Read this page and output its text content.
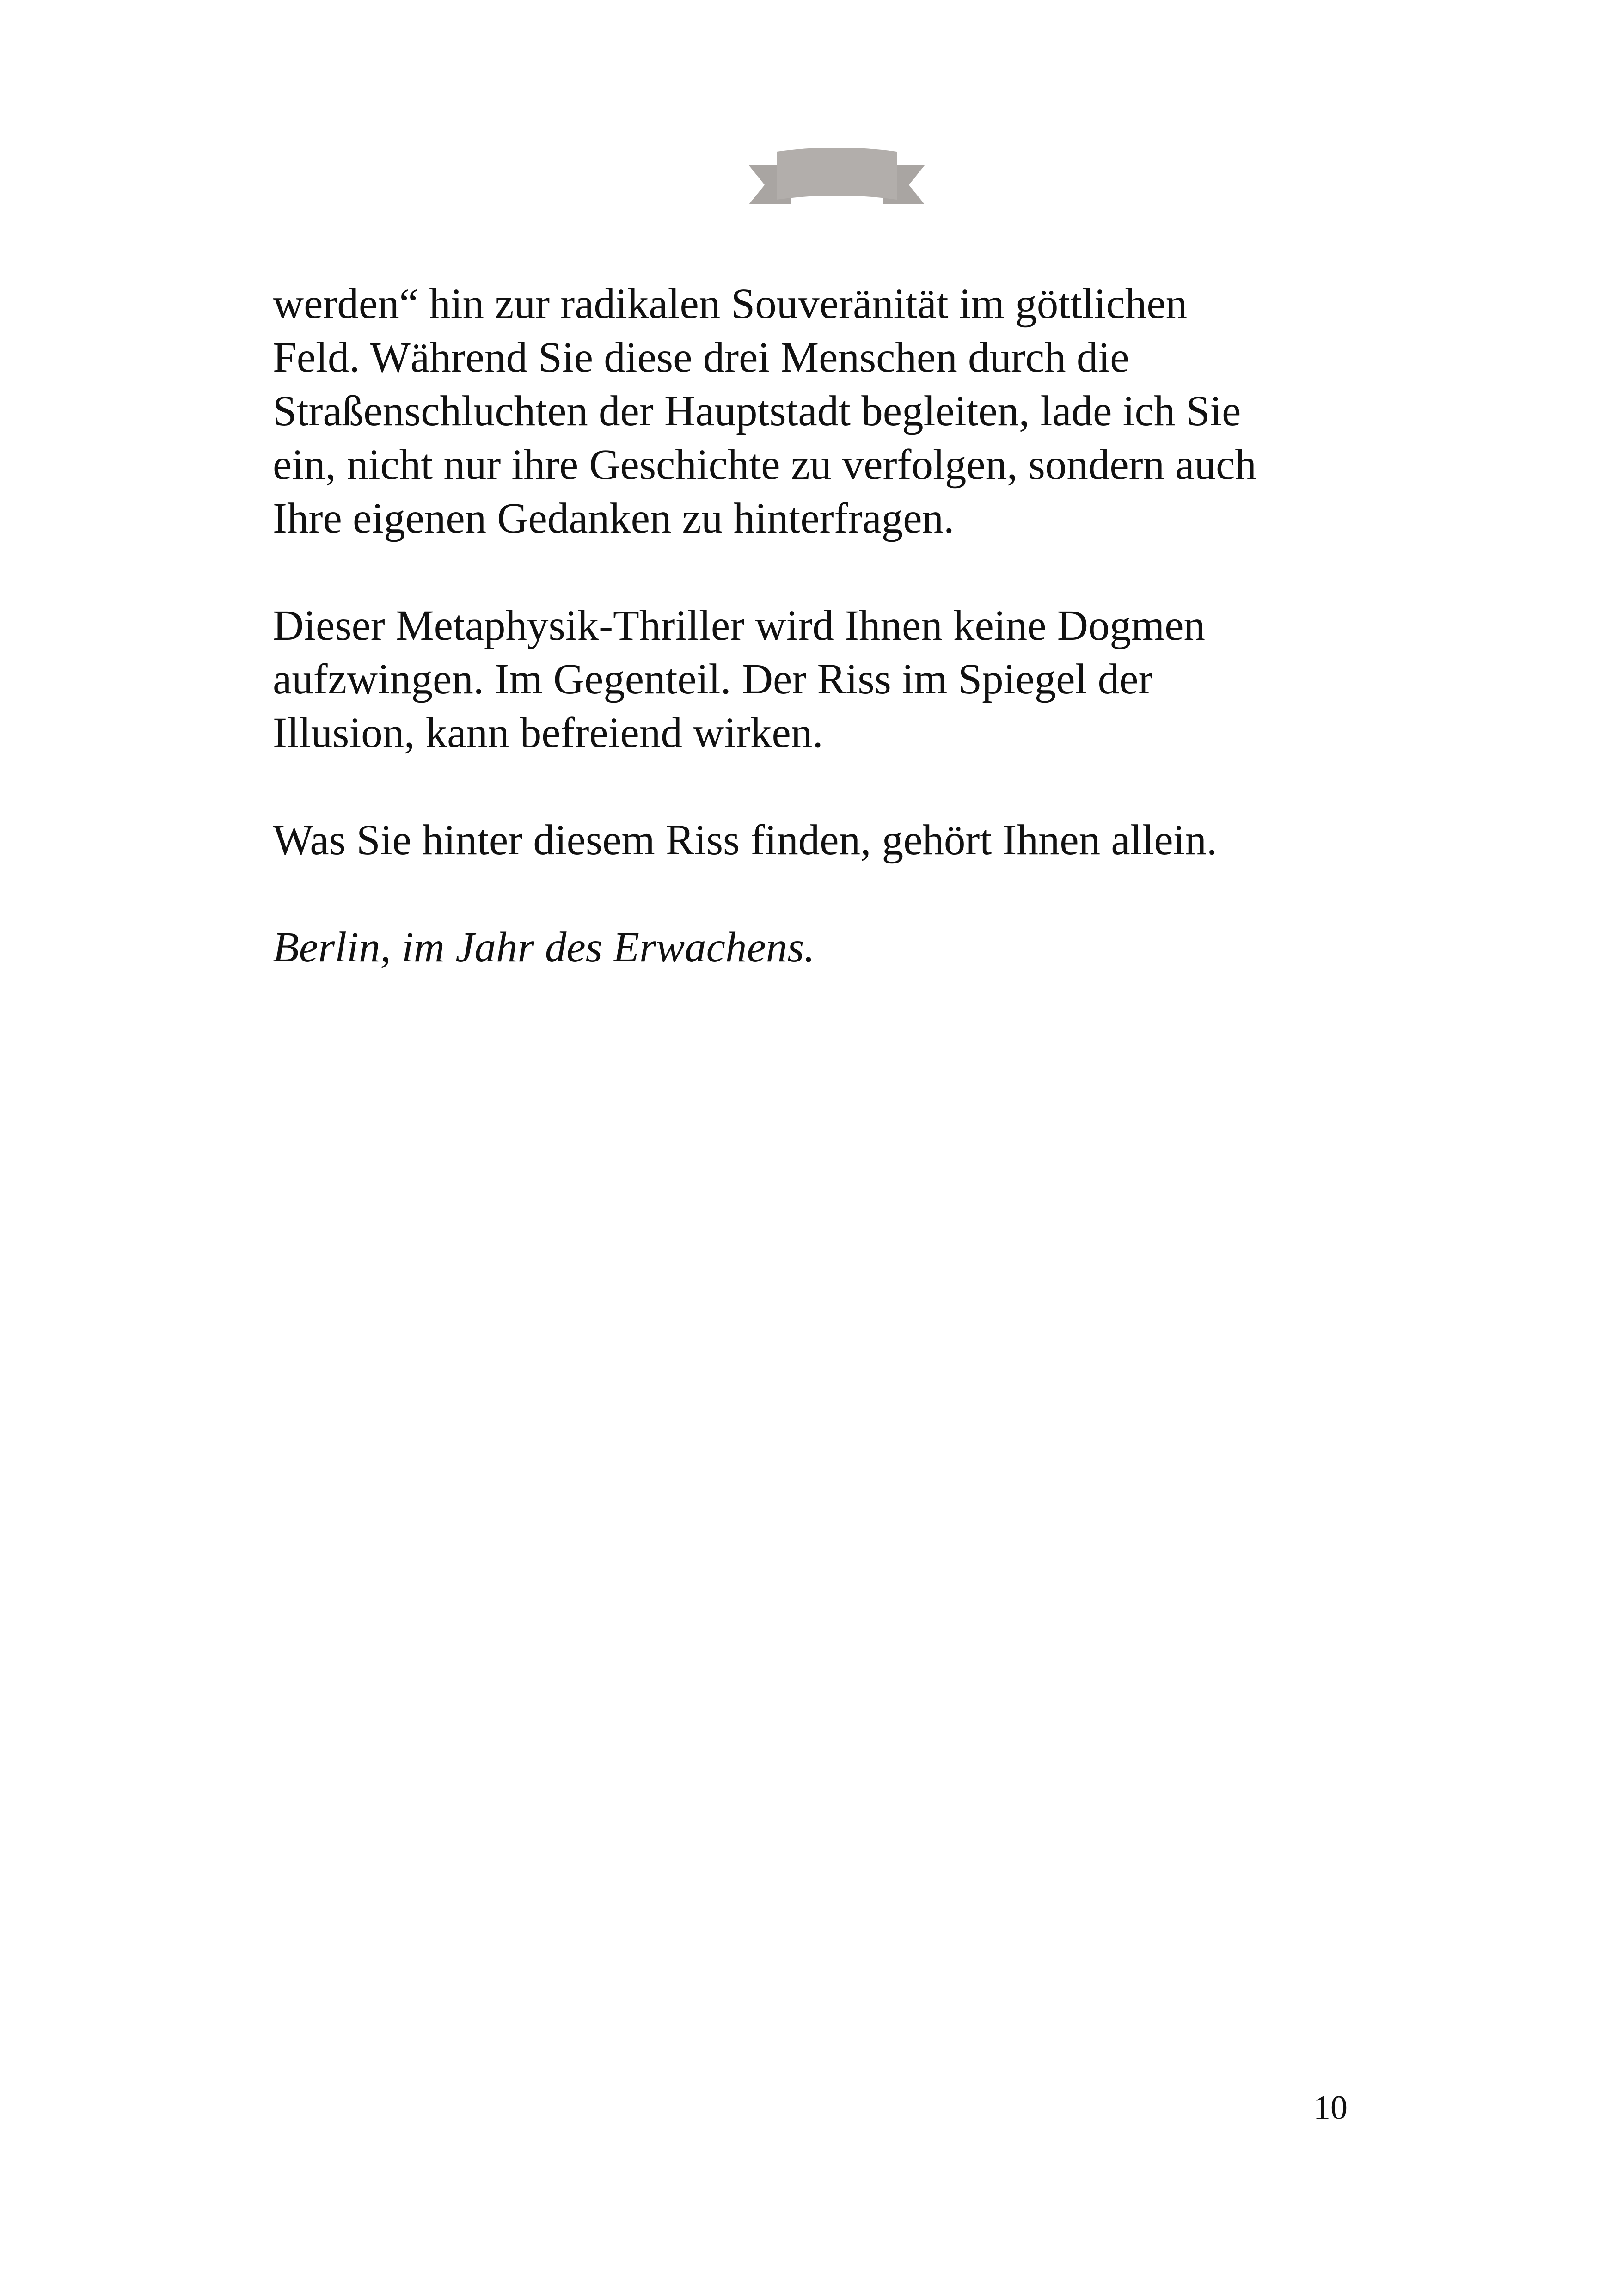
werden“ hin zur radikalen Souveränität im göttlichen
Feld. Während Sie diese drei Menschen durch die
Straßenschluchten der Hauptstadt begleiten, lade ich Sie
ein, nicht nur ihre Geschichte zu verfolgen, sondern auch
Ihre eigenen Gedanken zu hinterfragen.

Dieser Metaphysik-Thriller wird Ihnen keine Dogmen
aufzwingen. Im Gegenteil. Der Riss im Spiegel der
Illusion, kann befreiend wirken.

Was Sie hinter diesem Riss finden, gehört Ihnen allein.

Berlin, im Jahr des Erwachens.

10
